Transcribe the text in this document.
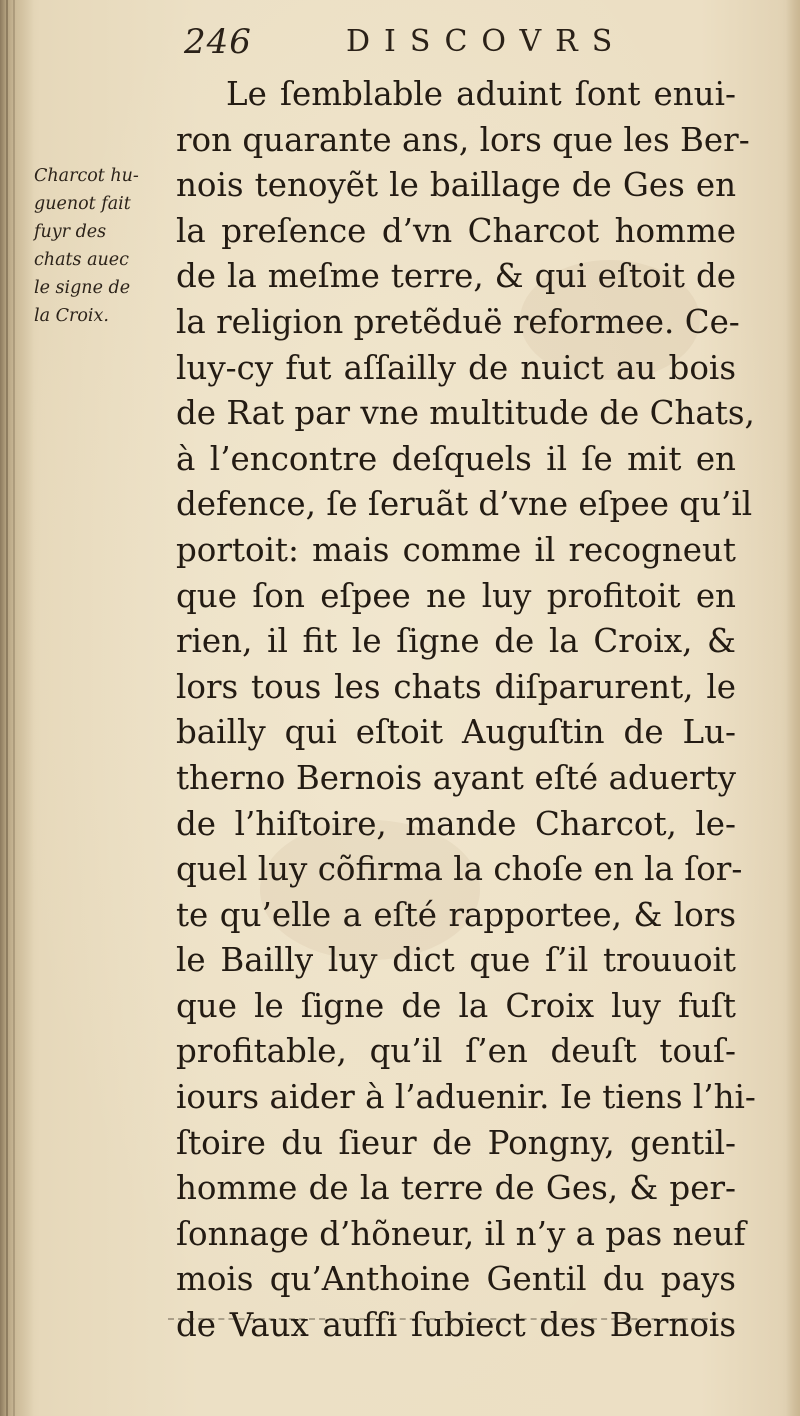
246	DISCOVRS
Charcot hu-
guenot fait
fuyr des
chats auec
le signe de
la Croix.
Le ſemblable aduint ſont enui-
ron quarante ans, lors que les Ber-
nois tenoyẽt le baillage de Ges en
la preſence d’vn Charcot homme
de la meſme terre, & qui eſtoit de
la religion pretẽduë reformee. Ce-
luy-cy fut aſſailly de nuict au bois
de Rat par vne multitude de Chats,
à l’encontre deſquels il ſe mit en
defence, ſe ſeruãt d’vne eſpee qu’il
portoit: mais comme il recogneut
que ſon eſpee ne luy profitoit en
rien, il fit le ſigne de la Croix, &
lors tous les chats diſparurent, le
bailly qui eſtoit Auguſtin de Lu-
therno Bernois ayant eſté aduerty
de l’hiſtoire, mande Charcot, le-
quel luy cõfirma la choſe en la ſor-
te qu’elle a eſté rapportee, & lors
le Bailly luy dict que ſ’il trouuoit
que le ſigne de la Croix luy fuſt
profitable, qu’il ſ’en deuſt touſ-
iours aider à l’aduenir. Ie tiens l’hi-
ſtoire du ſieur de Pongny, gentil-
homme de la terre de Ges, & per-
ſonnage d’hõneur, il n’y a pas neuf
mois qu’Anthoine Gentil du pays
de Vaux auſſi ſubiect des Bernois
